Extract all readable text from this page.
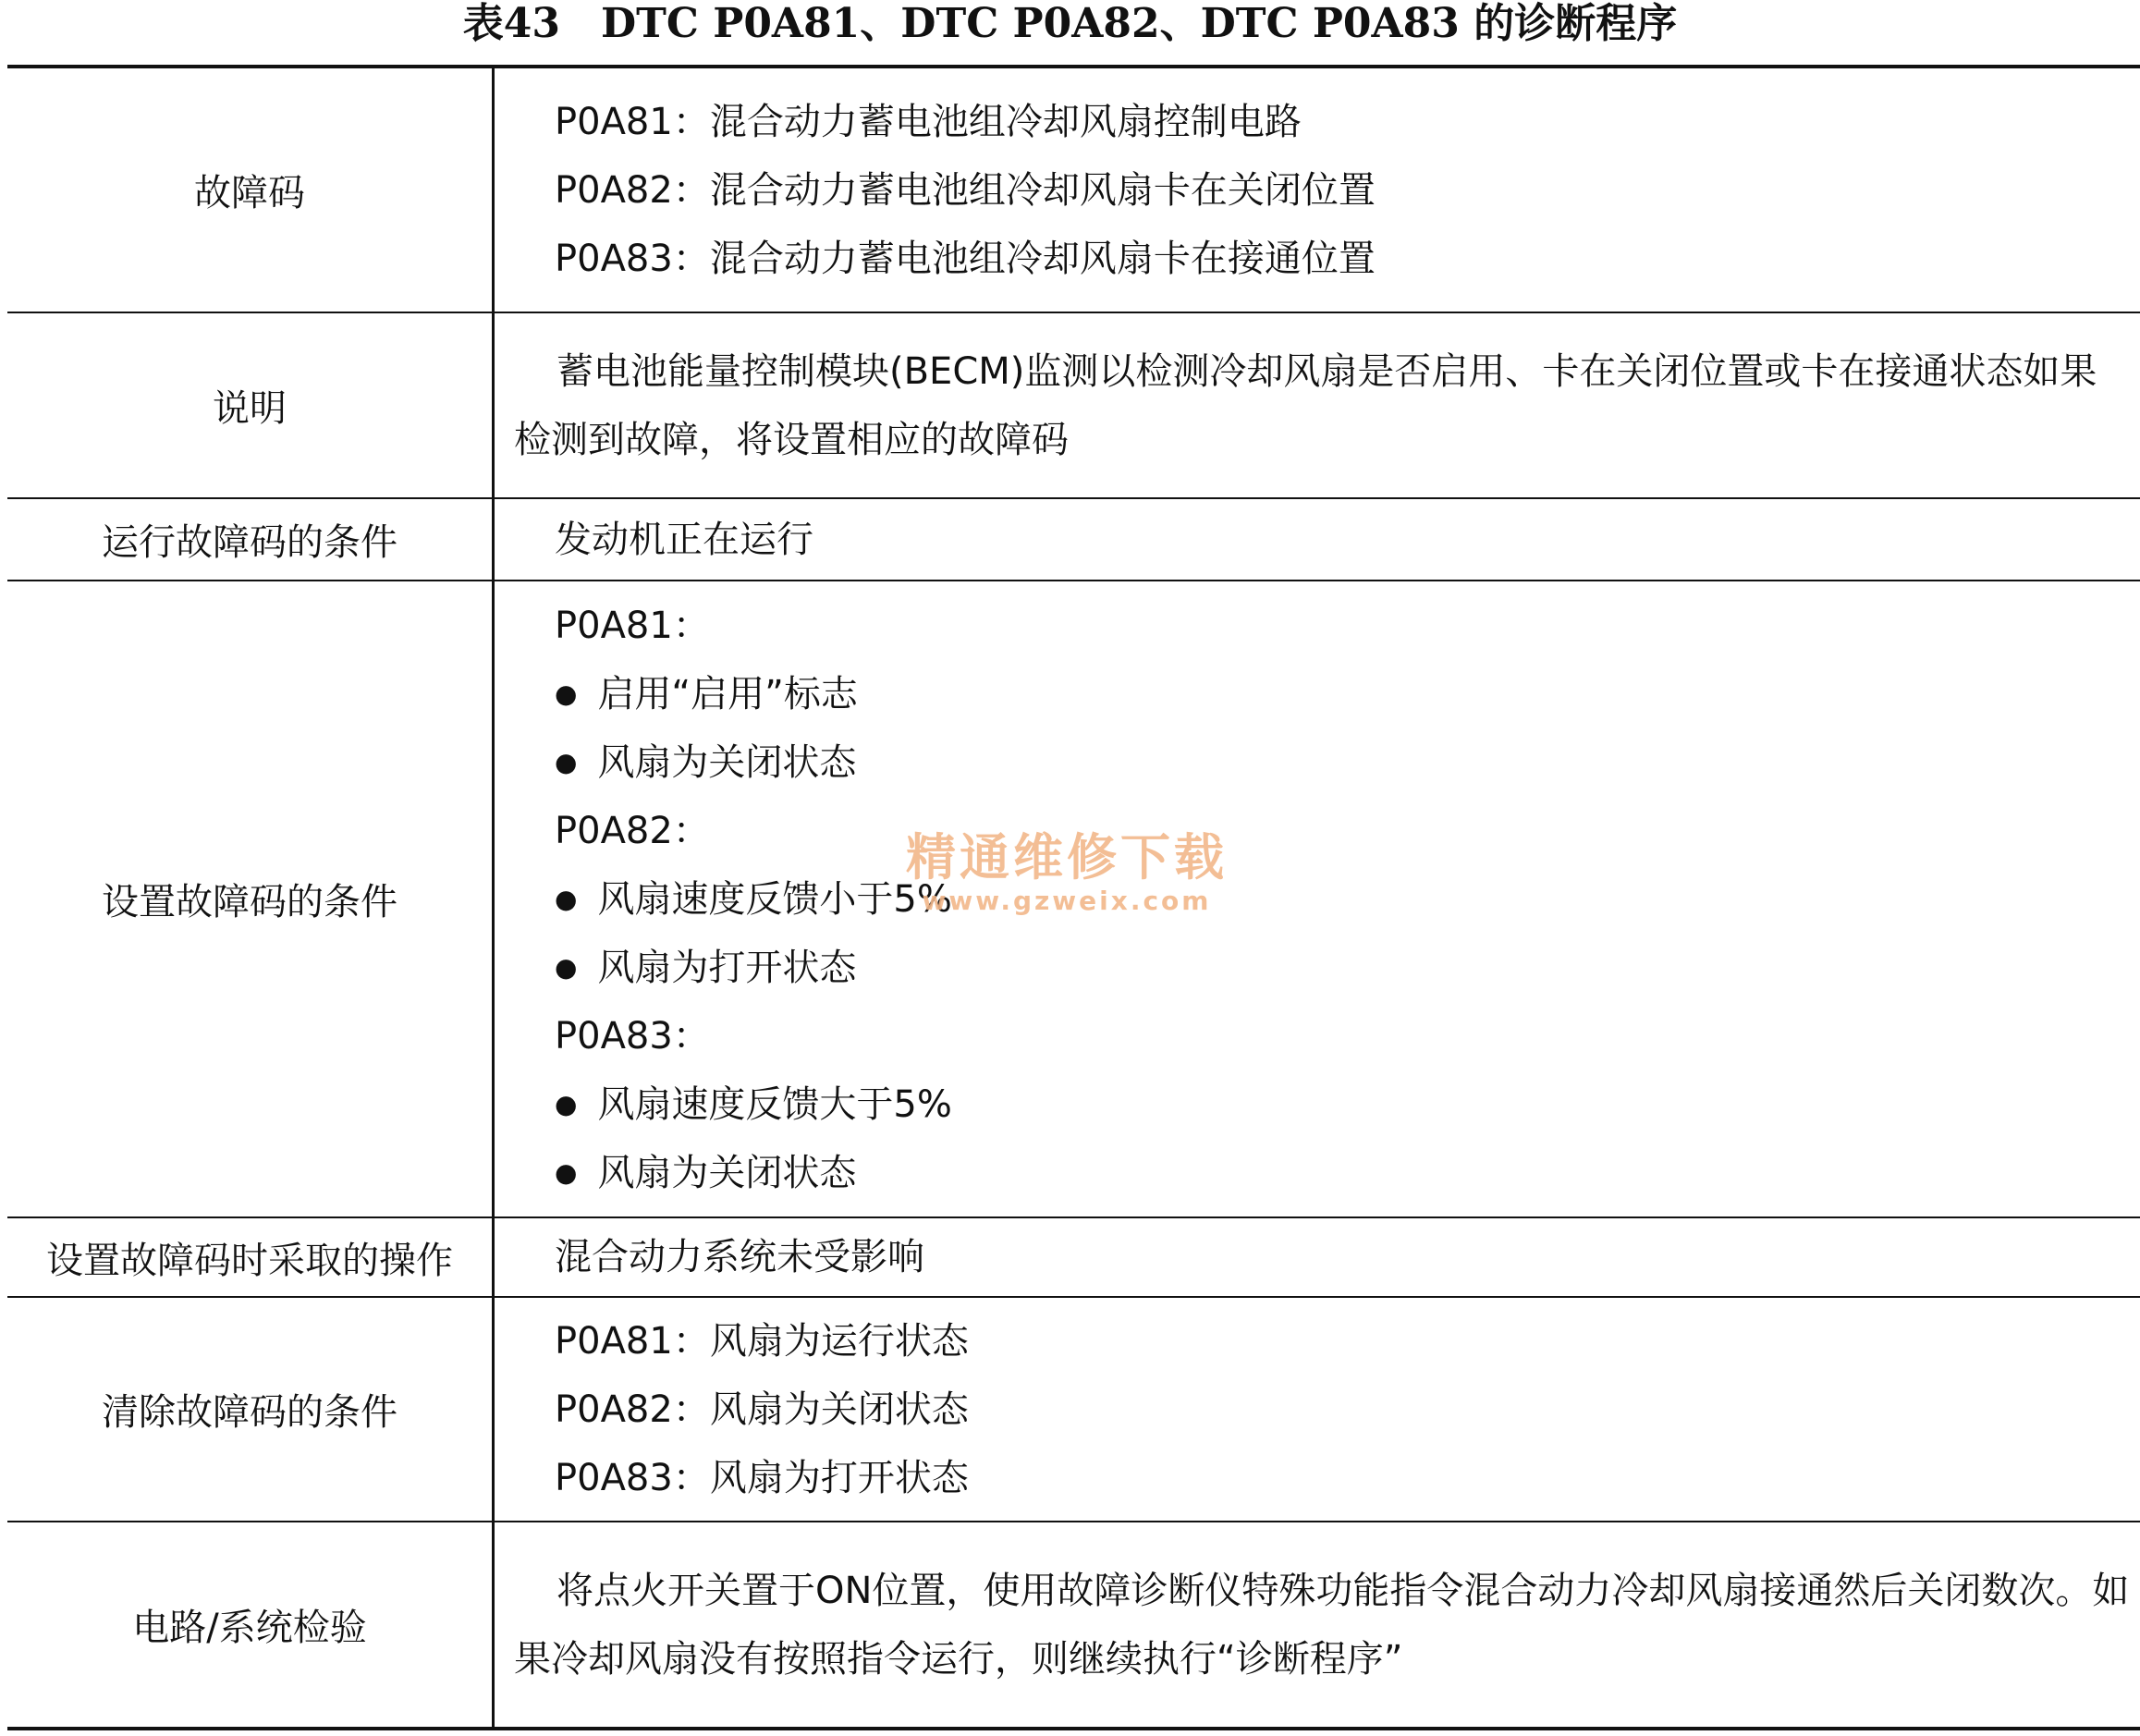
表43　DTC P0A81、DTC P0A82、DTC P0A83 的诊断程序
故障码
P0A81：混合动力蓄电池组冷却风扇控制电路
P0A82：混合动力蓄电池组冷却风扇卡在关闭位置
P0A83：混合动力蓄电池组冷却风扇卡在接通位置
说明
蓄电池能量控制模块(BECM)监测以检测冷却风扇是否启用、卡在关闭位置或卡在接通状态如果检测到故障，将设置相应的故障码
运行故障码的条件	发动机正在运行
设置故障码的条件
P0A81：
● 启用“启用”标志
● 风扇为关闭状态
P0A82：
● 风扇速度反馈小于5%
● 风扇为打开状态
P0A83：
● 风扇速度反馈大于5%
● 风扇为关闭状态
设置故障码时采取的操作	混合动力系统未受影响
清除故障码的条件
P0A81：风扇为运行状态
P0A82：风扇为关闭状态
P0A83：风扇为打开状态
电路/系统检验
将点火开关置于ON位置，使用故障诊断仪特殊功能指令混合动力冷却风扇接通然后关闭数次。如果冷却风扇没有按照指令运行，则继续执行“诊断程序”
精通维修下载
www.gzweix.com
